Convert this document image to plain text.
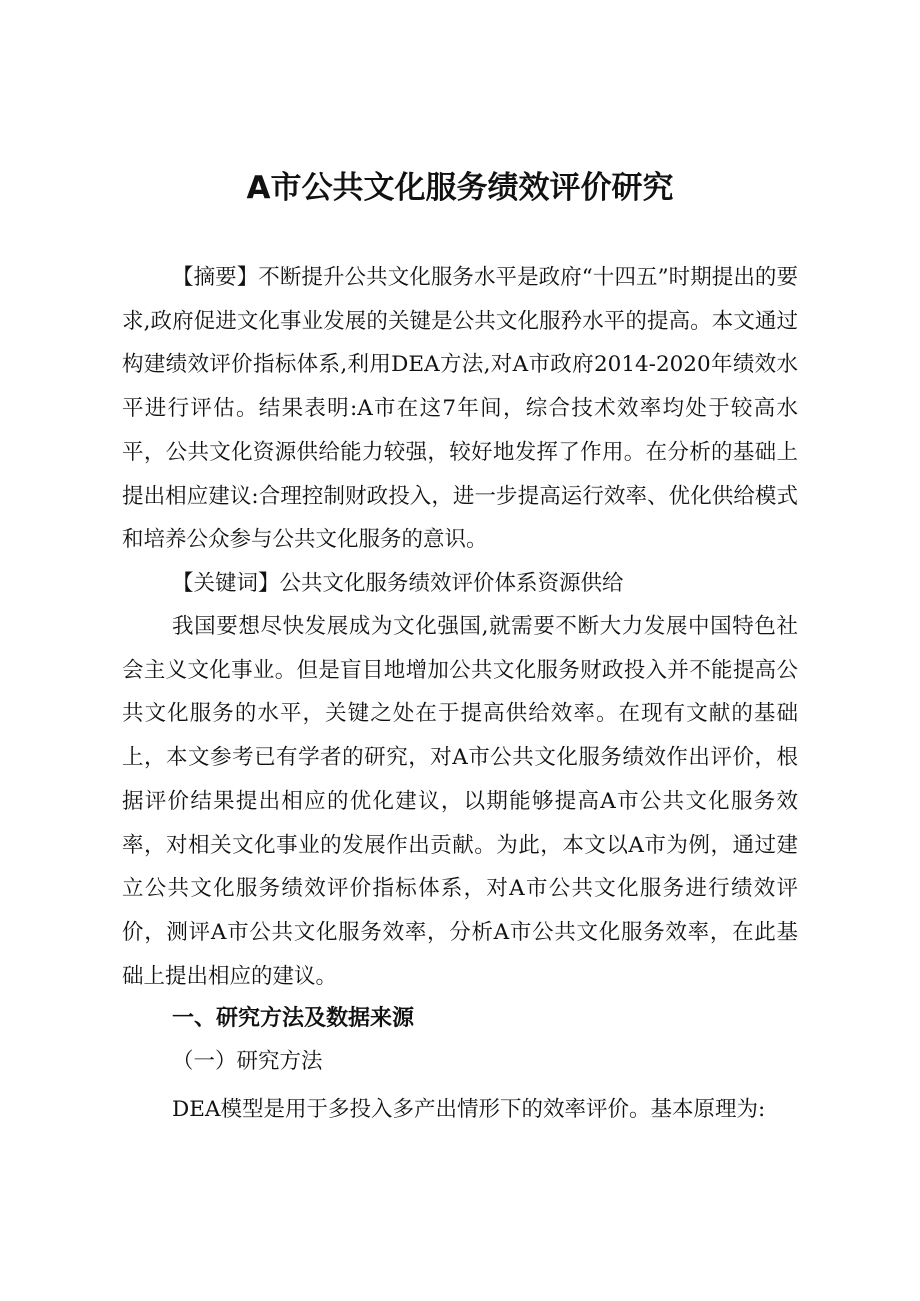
A市公共文化服务绩效评价研究

【摘要】不断提升公共文化服务水平是政府“十四五”时期提出的要求,政府促进文化事业发展的关键是公共文化服矜水平的提高。本文通过构建绩效评价指标体系,利用DEA方法,对A市政府2014-2020年绩效水平进行评估。结果表明:A市在这7年间，综合技术效率均处于较高水平，公共文化资源供给能力较强，较好地发挥了作用。在分析的基础上提出相应建议:合理控制财政投入，进一步提高运行效率、优化供给模式和培养公众参与公共文化服务的意识。

【关键词】公共文化服务绩效评价体系资源供给

我国要想尽快发展成为文化强国,就需要不断大力发展中国特色社会主义文化事业。但是盲目地增加公共文化服务财政投入并不能提高公共文化服务的水平，关键之处在于提高供给效率。在现有文献的基础上，本文参考已有学者的研究，对A市公共文化服务绩效作出评价，根据评价结果提出相应的优化建议，以期能够提高A市公共文化服务效率，对相关文化事业的发展作出贡献。为此，本文以A市为例，通过建立公共文化服务绩效评价指标体系，对A市公共文化服务进行绩效评价，测评A市公共文化服务效率，分析A市公共文化服务效率，在此基础上提出相应的建议。

一、研究方法及数据来源

（一）研究方法

DEA模型是用于多投入多产出情形下的效率评价。基本原理为:
